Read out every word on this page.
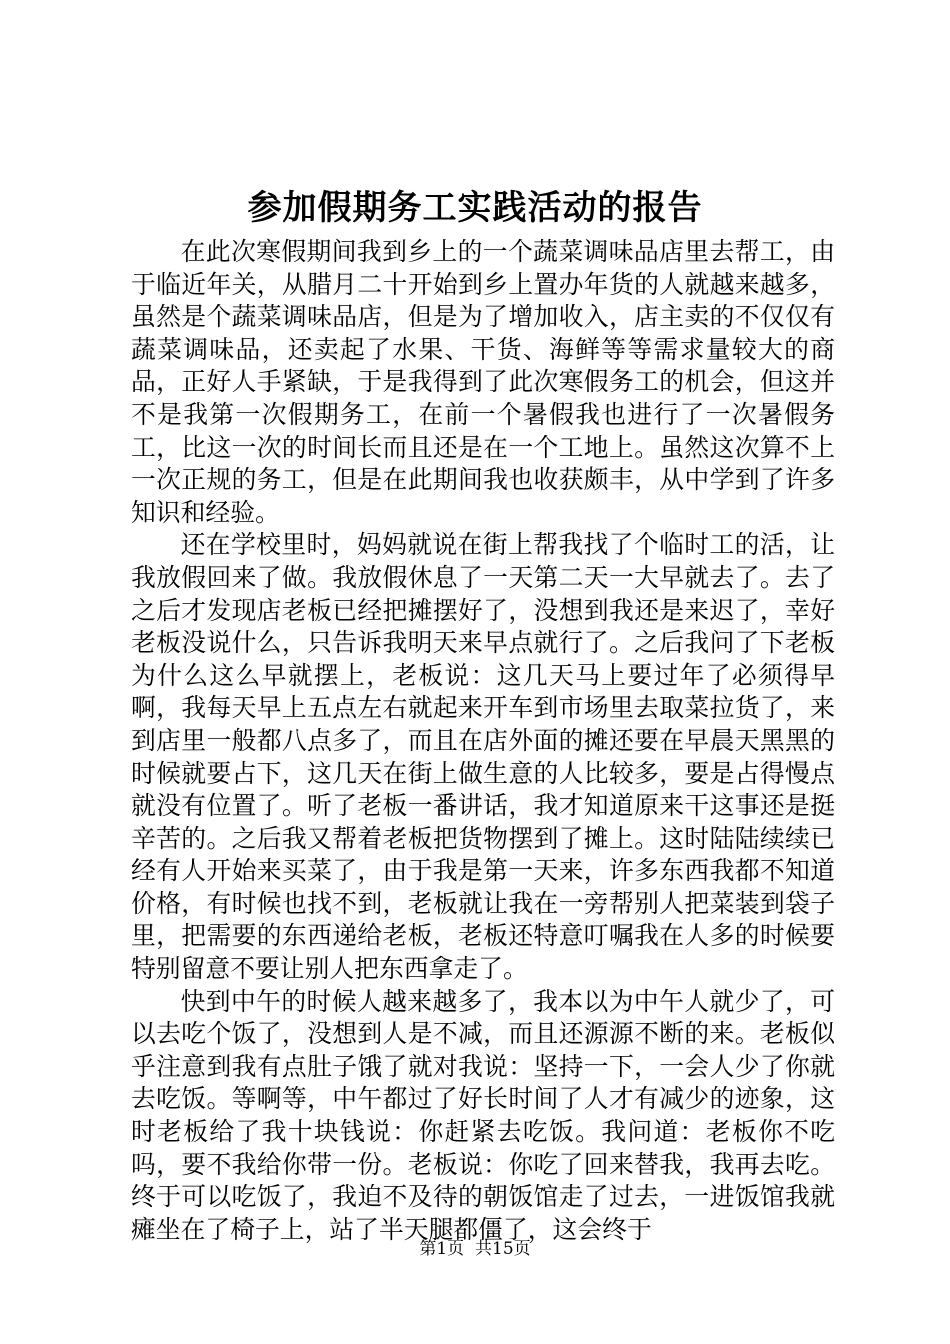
参加假期务工实践活动的报告

在此次寒假期间我到乡上的一个蔬菜调味品店里去帮工，由于临近年关，从腊月二十开始到乡上置办年货的人就越来越多，虽然是个蔬菜调味品店，但是为了增加收入，店主卖的不仅仅有蔬菜调味品，还卖起了水果、干货、海鲜等等需求量较大的商品，正好人手紧缺，于是我得到了此次寒假务工的机会，但这并不是我第一次假期务工，在前一个暑假我也进行了一次暑假务工，比这一次的时间长而且还是在一个工地上。虽然这次算不上一次正规的务工，但是在此期间我也收获颇丰，从中学到了许多知识和经验。

还在学校里时，妈妈就说在街上帮我找了个临时工的活，让我放假回来了做。我放假休息了一天第二天一大早就去了。去了之后才发现店老板已经把摊摆好了，没想到我还是来迟了，幸好老板没说什么，只告诉我明天来早点就行了。之后我问了下老板为什么这么早就摆上，老板说：这几天马上要过年了必须得早啊，我每天早上五点左右就起来开车到市场里去取菜拉货了，来到店里一般都八点多了，而且在店外面的摊还要在早晨天黑黑的时候就要占下，这几天在街上做生意的人比较多，要是占得慢点就没有位置了。听了老板一番讲话，我才知道原来干这事还是挺辛苦的。之后我又帮着老板把货物摆到了摊上。这时陆陆续续已经有人开始来买菜了，由于我是第一天来，许多东西我都不知道价格，有时候也找不到，老板就让我在一旁帮别人把菜装到袋子里，把需要的东西递给老板，老板还特意叮嘱我在人多的时候要特别留意不要让别人把东西拿走了。

快到中午的时候人越来越多了，我本以为中午人就少了，可以去吃个饭了，没想到人是不减，而且还源源不断的来。老板似乎注意到我有点肚子饿了就对我说：坚持一下，一会人少了你就去吃饭。等啊等，中午都过了好长时间了人才有减少的迹象，这时老板给了我十块钱说：你赶紧去吃饭。我问道：老板你不吃吗，要不我给你带一份。老板说：你吃了回来替我，我再去吃。终于可以吃饭了，我迫不及待的朝饭馆走了过去，一进饭馆我就瘫坐在了椅子上，站了半天腿都僵了，这会终于

第1页 共15页
